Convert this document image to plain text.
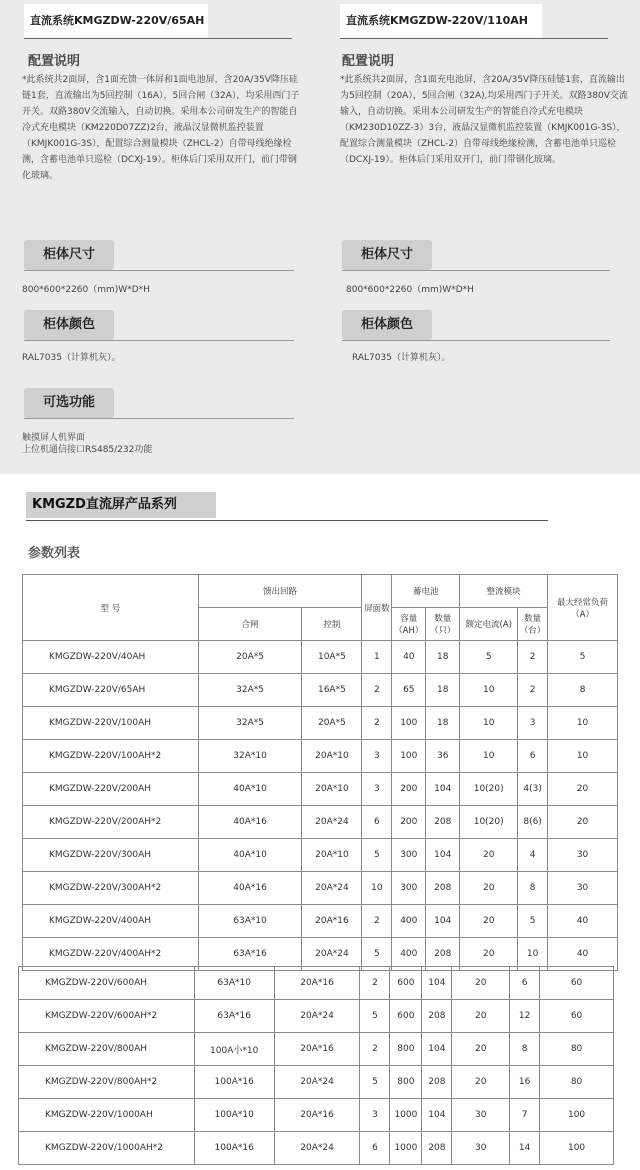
直流系统KMGZDW-220V/65AH
配置说明
*此系统共2面屏，含1面充馈一体屏和1面电池屏，含20A/35V降压硅链1套，直流输出为5回控制（16A），5回合闸（32A），均采用西门子开关。双路380V交流输入，自动切换。采用本公司研发生产的智能自冷式充电模块（KM220D07ZZ)2台，液晶汉显微机监控装置（KMJK001G-3S），配置综合测量模块（ZHCL-2）自带母线绝缘检测，含蓄电池单只巡检（DCXJ-19）。柜体后门采用双开门，前门带钢化玻璃。
柜体尺寸
800*600*2260（mm)W*D*H
柜体颜色
RAL7035（计算机灰）。
可选功能
触摸屏人机界面
上位机通信接口RS485/232功能
直流系统KMGZDW-220V/110AH
配置说明
*此系统共2面屏，含1面充电池屏，含20A/35V降压硅链1套，直流输出为5回控制（20A），5回合闸（32A),均采用西门子开关。双路380V交流输入，自动切换。采用本公司研发生产的智能自冷式充电模块（KM230D10ZZ-3）3台，液晶汉显微机监控装置（KMJK001G-3S），配置综合测量模块（ZHCL-2）自带母线绝缘检测，含蓄电池单只巡检（DCXJ-19）。柜体后门采用双开门，前门带钢化玻璃。
柜体尺寸
800*600*2260（mm)W*D*H
柜体颜色
RAL7035（计算机灰）。
KMGZD直流屏产品系列
参数列表
型 号	馈出回路		屏面数	蓄电池		整流模块		最大经常负荷（A）
	合闸	控制		容量（AH）	数量（只）	额定电流(A)	数量（台）	
KMGZDW-220V/40AH	20A*5	10A*5	1	40	18	5	2	5
KMGZDW-220V/65AH	32A*5	16A*5	2	65	18	10	2	8
KMGZDW-220V/100AH	32A*5	20A*5	2	100	18	10	3	10
KMGZDW-220V/100AH*2	32A*10	20A*10	3	100	36	10	6	10
KMGZDW-220V/200AH	40A*10	20A*10	3	200	104	10(20)	4(3)	20
KMGZDW-220V/200AH*2	40A*16	20A*24	6	200	208	10(20)	8(6)	20
KMGZDW-220V/300AH	40A*10	20A*10	5	300	104	20	4	30
KMGZDW-220V/300AH*2	40A*16	20A*24	10	300	208	20	8	30
KMGZDW-220V/400AH	63A*10	20A*16	2	400	104	20	5	40
KMGZDW-220V/400AH*2	63A*16	20A*24	5	400	208	20	10	40
KMGZDW-220V/600AH	63A*10	20A*16	2	600	104	20	6	60
KMGZDW-220V/600AH*2	63A*16	20A*24	5	600	208	20	12	60
KMGZDW-220V/800AH	100A小*10	20A*16	2	800	104	20	8	80
KMGZDW-220V/800AH*2	100A*16	20A*24	5	800	208	20	16	80
KMGZDW-220V/1000AH	100A*10	20A*16	3	1000	104	30	7	100
KMGZDW-220V/1000AH*2	100A*16	20A*24	6	1000	208	30	14	100
